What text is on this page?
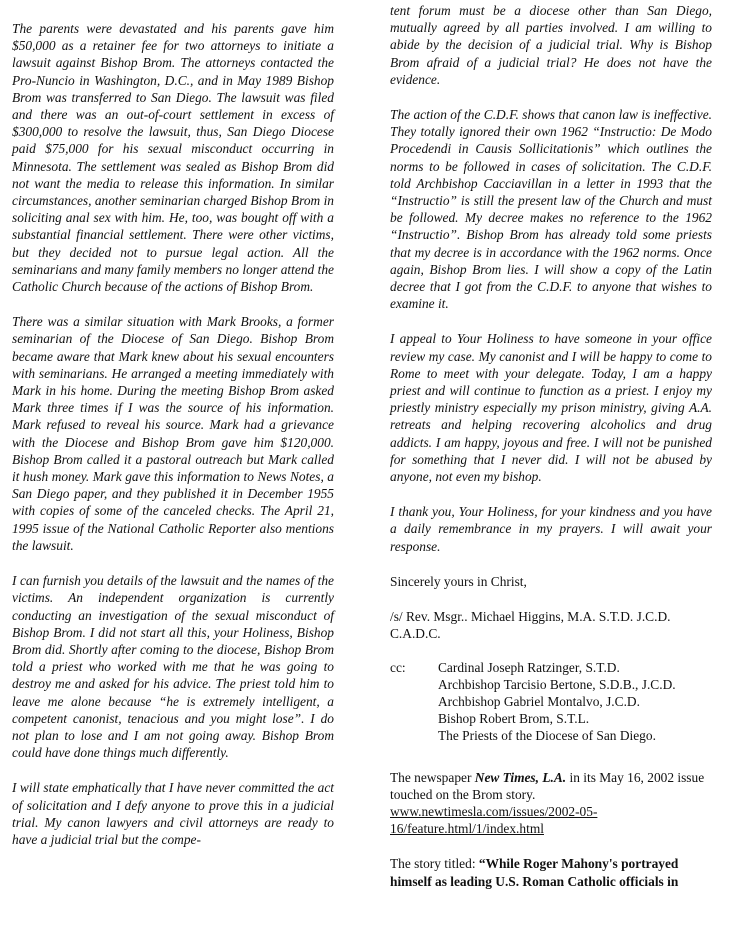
The parents were devastated and his parents gave him $50,000 as a retainer fee for two attorneys to initiate a lawsuit against Bishop Brom. The attorneys contacted the Pro-Nuncio in Washington, D.C., and in May 1989 Bishop Brom was transferred to San Diego. The lawsuit was filed and there was an out-of-court settlement in excess of $300,000 to resolve the lawsuit, thus, San Diego Diocese paid $75,000 for his sexual misconduct occurring in Minnesota. The settlement was sealed as Bishop Brom did not want the media to release this information. In similar circumstances, another seminarian charged Bishop Brom in soliciting anal sex with him. He, too, was bought off with a substantial financial settlement. There were other victims, but they decided not to pursue legal action. All the seminarians and many family members no longer attend the Catholic Church because of the actions of Bishop Brom.

There was a similar situation with Mark Brooks, a former seminarian of the Diocese of San Diego. Bishop Brom became aware that Mark knew about his sexual encounters with seminarians. He arranged a meeting immediately with Mark in his home. During the meeting Bishop Brom asked Mark three times if I was the source of his information. Mark refused to reveal his source. Mark had a grievance with the Diocese and Bishop Brom gave him $120,000. Bishop Brom called it a pastoral outreach but Mark called it hush money. Mark gave this information to News Notes, a San Diego paper, and they published it in December 1955 with copies of some of the canceled checks. The April 21, 1995 issue of the National Catholic Reporter also mentions the lawsuit.

I can furnish you details of the lawsuit and the names of the victims. An independent organization is currently conducting an investigation of the sexual misconduct of Bishop Brom. I did not start all this, your Holiness, Bishop Brom did. Shortly after coming to the diocese, Bishop Brom told a priest who worked with me that he was going to destroy me and asked for his advice. The priest told him to leave me alone because “he is extremely intelligent, a competent canonist, tenacious and you might lose”. I do not plan to lose and I am not going away. Bishop Brom could have done things much differently.

I will state emphatically that I have never committed the act of solicitation and I defy anyone to prove this in a judicial trial. My canon lawyers and civil attorneys are ready to have a judicial trial but the compe-

tent forum must be a diocese other than San Diego, mutually agreed by all parties involved. I am willing to abide by the decision of a judicial trial. Why is Bishop Brom afraid of a judicial trial? He does not have the evidence.

The action of the C.D.F. shows that canon law is ineffective. They totally ignored their own 1962 “Instructio: De Modo Procedendi in Causis Sollicitationis” which outlines the norms to be followed in cases of solicitation. The C.D.F. told Archbishop Cacciavillan in a letter in 1993 that the “Instructio” is still the present law of the Church and must be followed. My decree makes no reference to the 1962 “Instructio”. Bishop Brom has already told some priests that my decree is in accordance with the 1962 norms. Once again, Bishop Brom lies. I will show a copy of the Latin decree that I got from the C.D.F. to anyone that wishes to examine it.

I appeal to Your Holiness to have someone in your office review my case. My canonist and I will be happy to come to Rome to meet with your delegate. Today, I am a happy priest and will continue to function as a priest. I enjoy my priestly ministry especially my prison ministry, giving A.A. retreats and helping recovering alcoholics and drug addicts. I am happy, joyous and free. I will not be punished for something that I never did. I will not be abused by anyone, not even my bishop.

I thank you, Your Holiness, for your kindness and you have a daily remembrance in my prayers. I will await your response.

Sincerely yours in Christ,

/s/ Rev. Msgr.. Michael Higgins, M.A. S.T.D. J.C.D. C.A.D.C.

cc:	Cardinal Joseph Ratzinger, S.T.D.
Archbishop Tarcisio Bertone, S.D.B., J.C.D.
Archbishop Gabriel Montalvo, J.C.D.
Bishop Robert Brom, S.T.L.
The Priests of the Diocese of San Diego.

The newspaper New Times, L.A. in its May 16, 2002 issue touched on the Brom story.
www.newtimesla.com/issues/2002-05-16/feature.html/1/index.html

The story titled: “While Roger Mahony's portrayed himself as leading U.S. Roman Catholic officials in
